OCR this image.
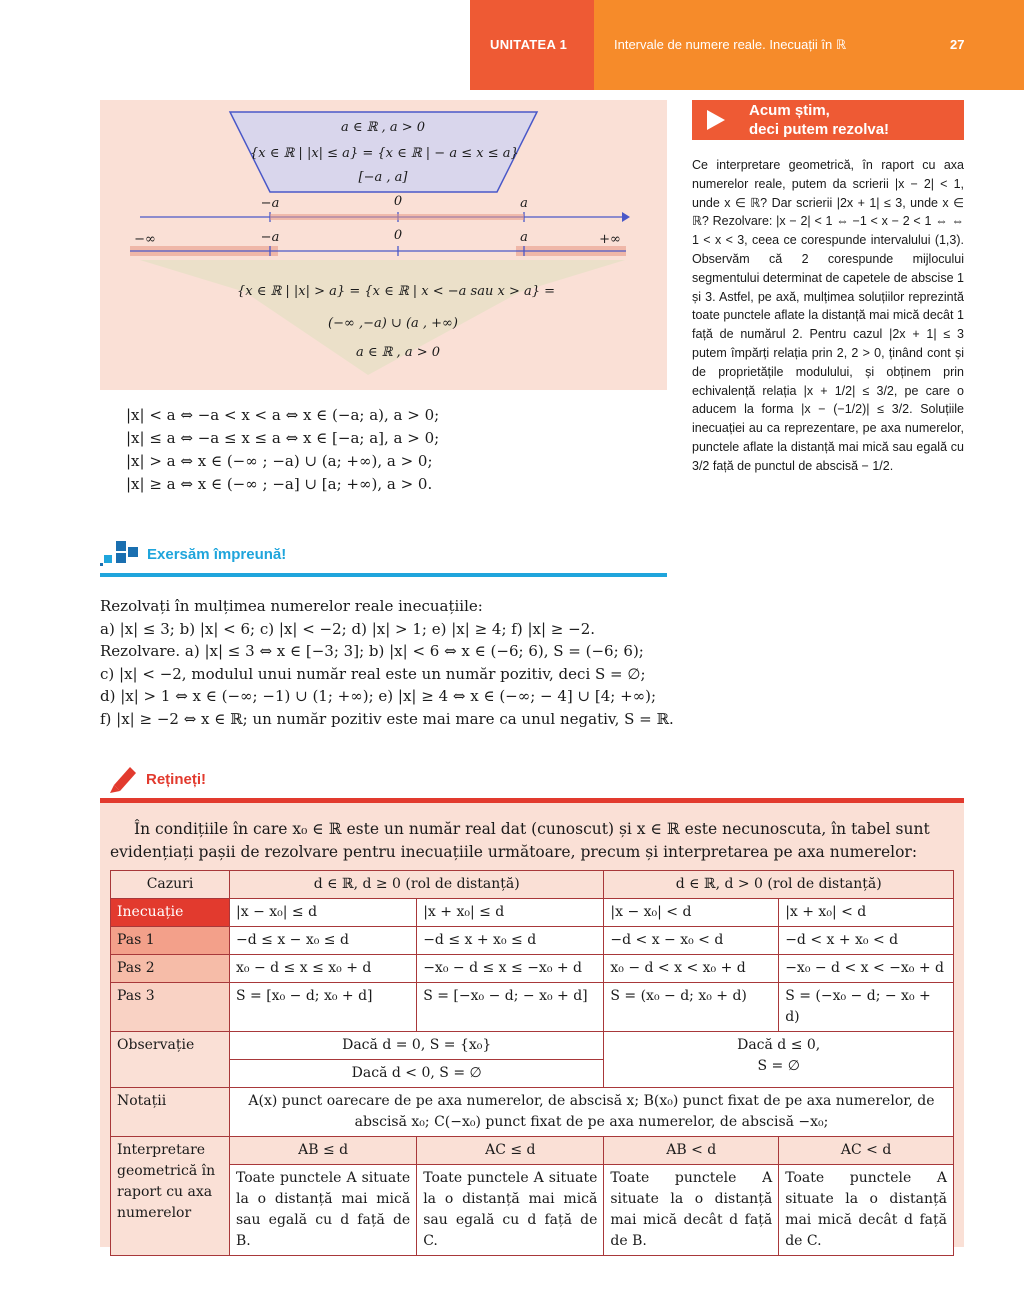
UNITATEA 1	Intervale de numere reale. Inecuații în ℝ	27
a ∈ ℝ , a > 0
{x ∈ ℝ | |x| ≤ a} = {x ∈ ℝ | − a ≤ x ≤ a}
[−a , a]
−a	0	a
−∞	−a	0	a	+∞
{x ∈ ℝ | |x| > a} = {x ∈ ℝ | x < −a sau x > a} =
(−∞ ,−a) ∪ (a , +∞)
a ∈ ℝ , a > 0
|x| < a ⇔ −a < x < a ⇔ x ∈ (−a; a), a > 0;
|x| ≤ a ⇔ −a ≤ x ≤ a ⇔ x ∈ [−a; a], a > 0;
|x| > a ⇔ x ∈ (−∞ ; −a) ∪ (a; +∞), a > 0;
|x| ≥ a ⇔ x ∈ (−∞ ; −a] ∪ [a; +∞), a > 0.
Exersăm împreună!
Rezolvați în mulțimea numerelor reale inecuațiile:
a) |x| ≤ 3; b) |x| < 6; c) |x| < −2; d) |x| > 1; e) |x| ≥ 4; f) |x| ≥ −2.
Rezolvare. a) |x| ≤ 3 ⇔ x ∈ [−3; 3]; b) |x| < 6 ⇔ x ∈ (−6; 6), S = (−6; 6);
c) |x| < −2, modulul unui număr real este un număr pozitiv, deci S = ∅;
d) |x| > 1 ⇔ x ∈ (−∞; −1) ∪ (1; +∞); e) |x| ≥ 4 ⇔ x ∈ (−∞; − 4] ∪ [4; +∞);
f) |x| ≥ −2 ⇔ x ∈ ℝ; un număr pozitiv este mai mare ca unul negativ, S = ℝ.
Acum știm,
deci putem rezolva!
Ce interpretare geometrică, în raport cu axa numerelor reale, putem da scrierii |x − 2| < 1, unde x ∈ ℝ? Dar scrierii |2x + 1| ≤ 3, unde x ∈ ℝ? Rezolvare: |x − 2| < 1 ⇔ −1 < x − 2 < 1 ⇔ ⇔ 1 < x < 3, ceea ce corespunde intervalului (1,3). Observăm că 2 corespunde mijlocului segmentului determinat de capetele de abscise 1 și 3. Astfel, pe axă, mulțimea soluțiilor reprezintă toate punctele aflate la distanță mai mică decât 1 față de numărul 2. Pentru cazul |2x + 1| ≤ 3 putem împărți relația prin 2, 2 > 0, ținând cont și de proprietățile modulului, și obținem prin echivalență relația |x + 1/2| ≤ 3/2, pe care o aducem la forma |x − (−1/2)| ≤ 3/2. Soluțiile inecuației au ca reprezentare, pe axa numerelor, punctele aflate la distanță mai mică sau egală cu 3/2 față de punctul de abscisă − 1/2.
Rețineți!
În condițiile în care x₀ ∈ ℝ este un număr real dat (cunoscut) și x ∈ ℝ este necunoscuta, în tabel sunt evidențiați pașii de rezolvare pentru inecuațiile următoare, precum și interpretarea pe axa numerelor:
Cazuri	d ∈ ℝ, d ≥ 0 (rol de distanță)		d ∈ ℝ, d > 0 (rol de distanță)	
Inecuație	|x − x₀| ≤ d	|x + x₀| ≤ d	|x − x₀| < d	|x + x₀| < d
Pas 1	−d ≤ x − x₀ ≤ d	−d ≤ x + x₀ ≤ d	−d < x − x₀ < d	−d < x + x₀ < d
Pas 2	x₀ − d ≤ x ≤ x₀ + d	−x₀ − d ≤ x ≤ −x₀ + d	x₀ − d < x < x₀ + d	−x₀ − d < x < −x₀ + d
Pas 3	S = [x₀ − d; x₀ + d]	S = [−x₀ − d; − x₀ + d]	S = (x₀ − d; x₀ + d)	S = (−x₀ − d; − x₀ + d)
Observație	Dacă d = 0, S = {x₀}		Dacă d ≤ 0,
S = ∅	

	Dacă d < 0, S = ∅			
Notații	A(x) punct oarecare de pe axa numerelor, de abscisă x; B(x₀) punct fixat de pe axa numerelor, de abscisă x₀; C(−x₀) punct fixat de pe axa numerelor, de abscisă −x₀;			
Interpretare geometrică în raport cu axa numerelor	AB ≤ d	AC ≤ d	AB < d	AC < d
	Toate punctele A situate la o distanță mai mică sau egală cu d față de B.	Toate punctele A situate la o distanță mai mică sau egală cu d față de C.	Toate punctele A situate la o distanță mai mică decât d față de B.	Toate punctele A situate la o distanță mai mică decât d față de C.
